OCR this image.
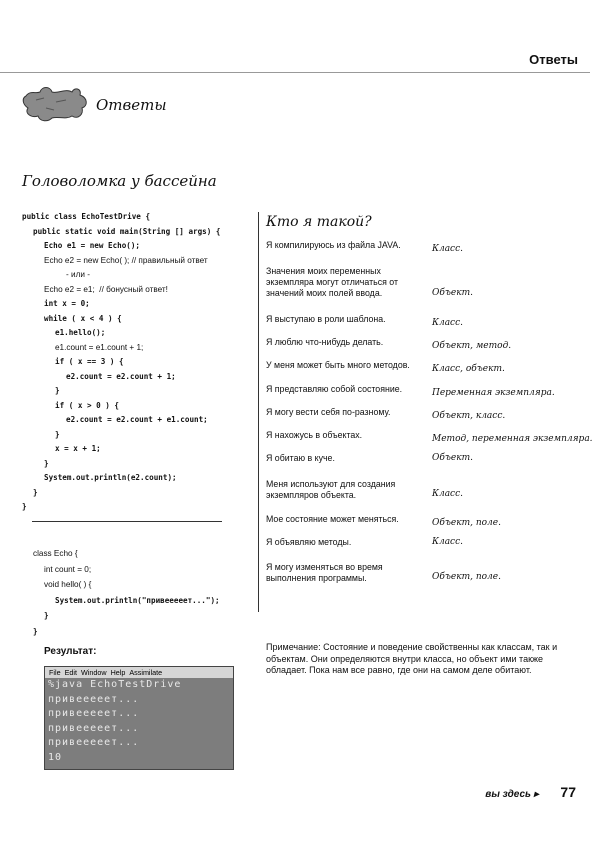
Ответы
Ответы
Головоломка у бассейна
public class EchoTestDrive {
public static void main(String [] args) {
Echo e1 = new Echo();
Echo e2 = new Echo( ); // правильный ответ
- или -
Echo e2 = e1;  // бонусный ответ!
int x = 0;
while ( x < 4 ) {
e1.hello();
e1.count = e1.count + 1;
if ( x == 3 ) {
e2.count = e2.count + 1;
}
if ( x > 0 ) {
e2.count = e2.count + e1.count;
}
x = x + 1;
}
System.out.println(e2.count);
}
}
class Echo {
int count = 0;
void hello( ) {
System.out.println("привееееет...");
}
}
Кто я такой?
Я компилируюсь из файла JAVA.	Класс.
Значения моих переменных экземпляра могут отличаться от значений моих полей ввода.	Объект.
Я выступаю в роли шаблона.	Класс.
Я люблю что-нибудь делать.	Объект, метод.
У меня может быть много методов.	Класс, объект.
Я представляю собой состояние.	Переменная экземпляра.
Я могу вести себя по-разному.	Объект, класс.
Я нахожусь в объектах.	Метод, переменная экземпляра.
Я обитаю в куче.	Объект.
Меня используют для создания экземпляров объекта.	Класс.
Мое состояние может меняться.	Объект, поле.
Я объявляю методы.	Класс.
Я могу изменяться во время выполнения программы.	Объект, поле.
Результат:
File Edit Window Help Assimilate
%java EchoTestDrive
привееееет...
привееееет...
привееееет...
привееееет...
10
Примечание: Состояние и поведение свойственны как классам, так и объектам. Они определяются внутри класса, но объект ими также обладает. Пока нам все равно, где они на самом деле обитают.
вы здесь ▸ 77
